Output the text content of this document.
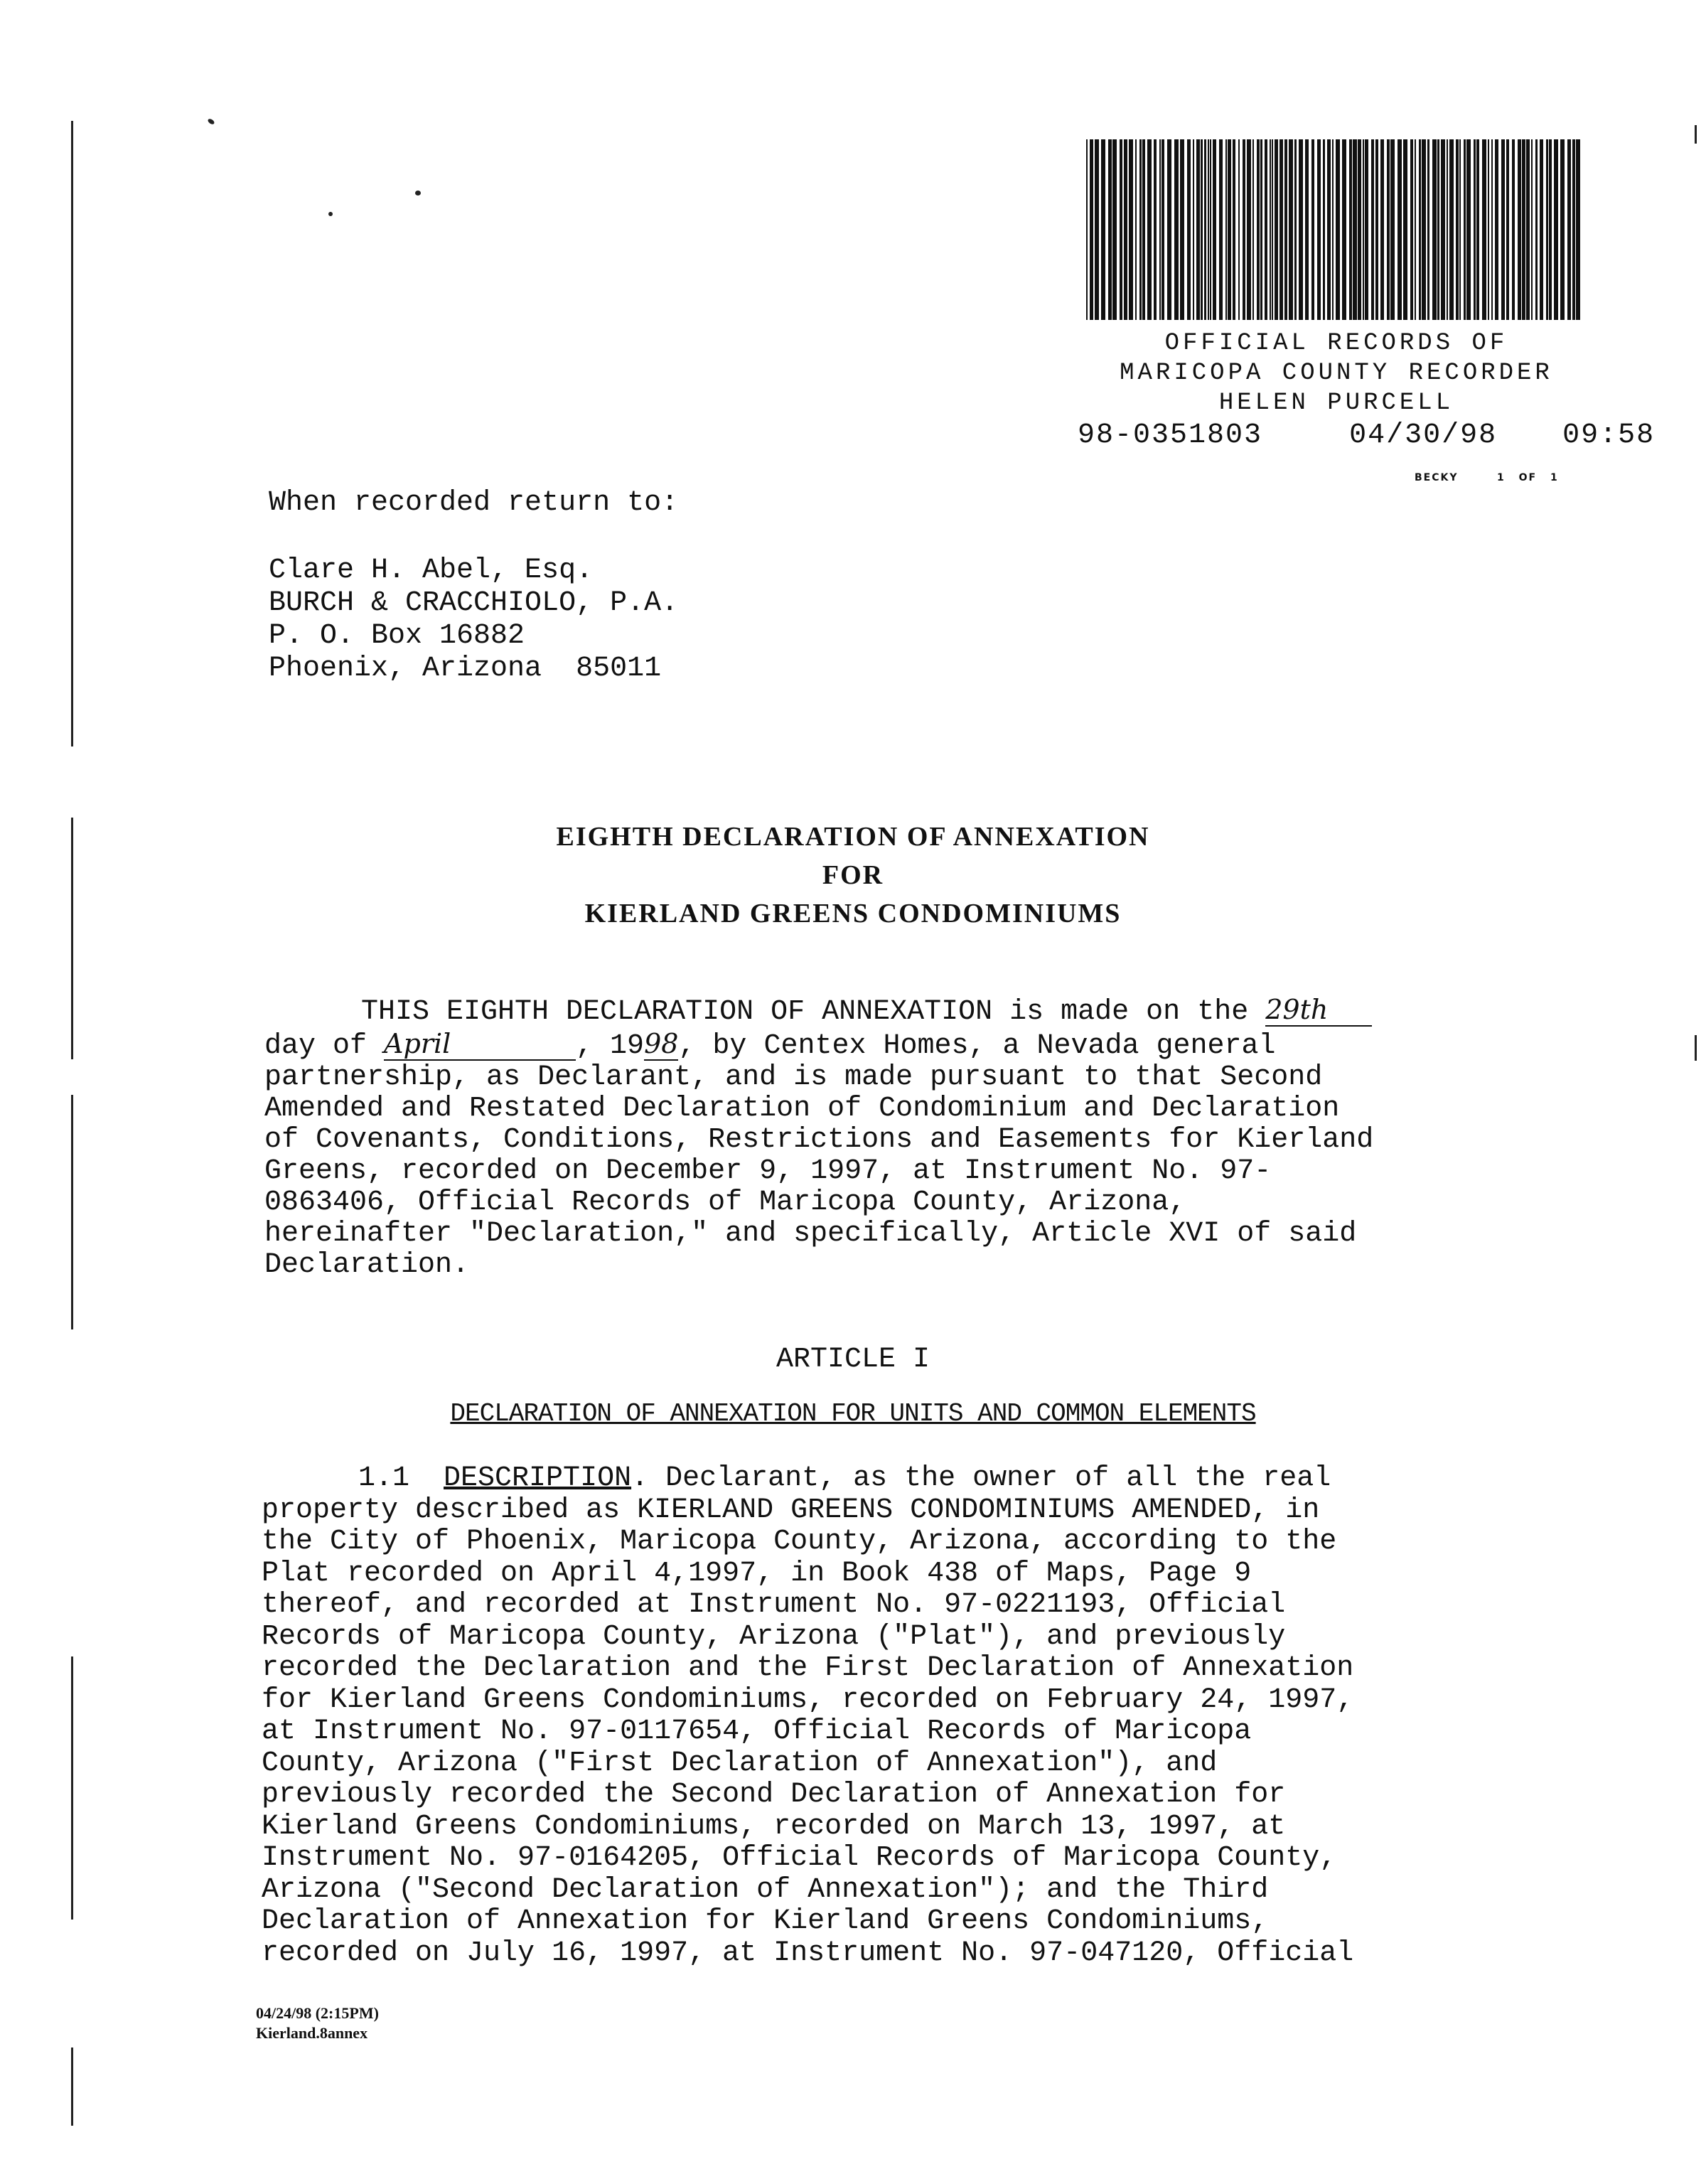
OFFICIAL RECORDS OF
MARICOPA COUNTY RECORDER
HELEN PURCELL
98-0351803	04/30/98 09:58
BECKY	1 OF 1
When recorded return to:
Clare H. Abel, Esq.
BURCH & CRACCHIOLO, P.A.
P. O. Box 16882
Phoenix, Arizona  85011
EIGHTH DECLARATION OF ANNEXATION
FOR
KIERLAND GREENS CONDOMINIUMS
THIS EIGHTH DECLARATION OF ANNEXATION is made on the 29th
day of April	, 1998, by Centex Homes, a Nevada general
partnership, as Declarant, and is made pursuant to that Second
Amended and Restated Declaration of Condominium and Declaration
of Covenants, Conditions, Restrictions and Easements for Kierland
Greens, recorded on December 9, 1997, at Instrument No. 97-
0863406, Official Records of Maricopa County, Arizona,
hereinafter "Declaration," and specifically, Article XVI of said
Declaration.
ARTICLE I
DECLARATION OF ANNEXATION FOR UNITS AND COMMON ELEMENTS
1.1 DESCRIPTION. Declarant, as the owner of all the real
property described as KIERLAND GREENS CONDOMINIUMS AMENDED, in
the City of Phoenix, Maricopa County, Arizona, according to the
Plat recorded on April 4,1997, in Book 438 of Maps, Page 9
thereof, and recorded at Instrument No. 97-0221193, Official
Records of Maricopa County, Arizona ("Plat"), and previously
recorded the Declaration and the First Declaration of Annexation
for Kierland Greens Condominiums, recorded on February 24, 1997,
at Instrument No. 97-0117654, Official Records of Maricopa
County, Arizona ("First Declaration of Annexation"), and
previously recorded the Second Declaration of Annexation for
Kierland Greens Condominiums, recorded on March 13, 1997, at
Instrument No. 97-0164205, Official Records of Maricopa County,
Arizona ("Second Declaration of Annexation"); and the Third
Declaration of Annexation for Kierland Greens Condominiums,
recorded on July 16, 1997, at Instrument No. 97-047120, Official
04/24/98 (2:15PM)
Kierland.8annex
